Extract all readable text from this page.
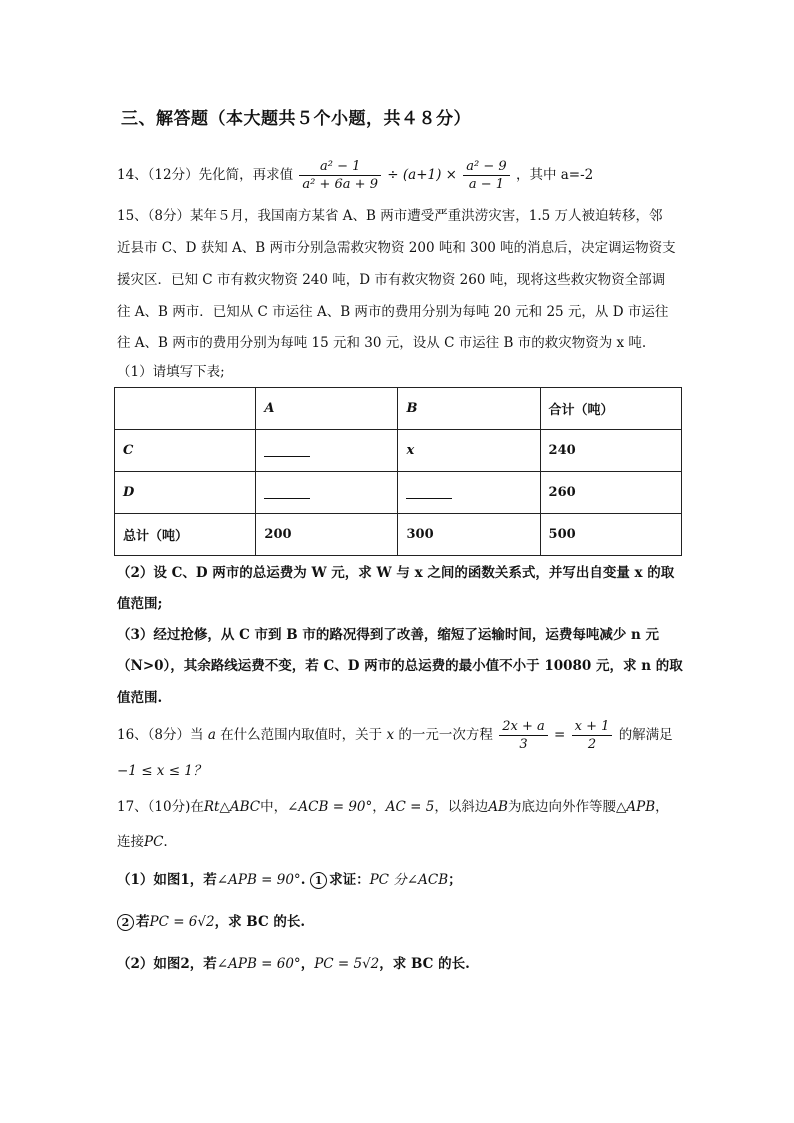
三、解答题（本大题共５个小题，共４８分）
14、（12分）先化简，再求值 $\frac{\text{a² − 1}}{\text{a² + 6a + 9}} \div (a+1) \times \frac{\text{a² − 9}}{a - 1}$ ，其中 a=-2
15、（8分）某年５月，我国南方某省 A、B 两市遭受严重洪涝灾害，1.5 万人被迫转移，邻
近县市 C、D 获知 A、B 两市分别急需救灾物资 200 吨和 300 吨的消息后，决定调运物资支
援灾区．已知 C 市有救灾物资 240 吨，D 市有救灾物资 260 吨，现将这些救灾物资全部调
往 A、B 两市．已知从 C 市运往 A、B 两市的费用分别为每吨 20 元和 25 元，从 D 市运往
往 A、B 两市的费用分别为每吨 15 元和 30 元，设从 C 市运往 B 市的救灾物资为 x 吨.
（1）请填写下表;
	A	B	合计（吨）
C		x	240
D			260
总计（吨）	200	300	500
（2）设 C、D 两市的总运费为 W 元，求 W 与 x 之间的函数关系式，并写出自变量 x 的取
值范围;
（3）经过抢修，从 C 市到 B 市的路况得到了改善，缩短了运输时间，运费每吨减少 n 元
（N>0），其余路线运费不变，若 C、D 两市的总运费的最小值不小于 10080 元，求 n 的取
值范围.
16、（8分）当 a 在什么范围内取值时，关于 x 的一元一次方程 $\frac{2x + a}{3} = \frac{x + 1}{2}$ 的解满足
−1 ≤ x ≤ 1？
17、（10分)在Rt△ABC中，∠ACB = 90°，AC = 5，以斜边AB为底边向外作等腰△APB，
连接PC.
（1）如图1，若∠APB = 90°. 1 求证：PC 分∠ACB；
2 若PC = 6√2，求 BC 的长.
（2）如图2，若∠APB = 60°，PC = 5√2，求 BC 的长.
